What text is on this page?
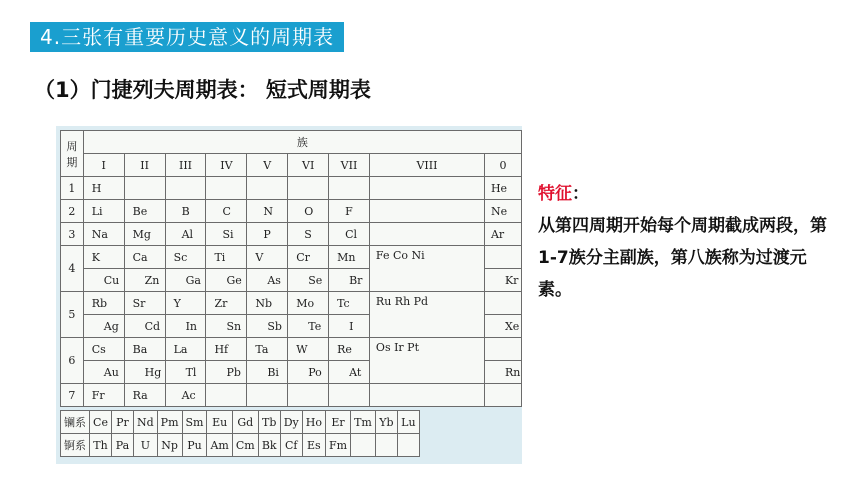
4.三张有重要历史意义的周期表
（1）门捷列夫周期表： 短式周期表
周
期	族								
	I	II	III	IV	V	VI	VII	VIII	0
1	H								He
2	Li	Be	B	C	N	O	F		Ne
3	Na	Mg	Al	Si	P	S	Cl		Ar
4	K	Ca	Sc	Ti	V	Cr	Mn	Fe Co Ni	

	Cu	Zn	Ga	Ge	As	Se	Br		Kr
5	Rb	Sr	Y	Zr	Nb	Mo	Tc	Ru Rh Pd	

	Ag	Cd	In	Sn	Sb	Te	I		Xe
6	Cs	Ba	La	Hf	Ta	W	Re	Os Ir Pt	

	Au	Hg	Tl	Pb	Bi	Po	At		Rn
7	Fr	Ra	Ac						
镧系	Ce	Pr	Nd	Pm	Sm	Eu	Gd	Tb	Dy	Ho	Er	Tm	Yb	Lu
锕系	Th	Pa	U	Np	Pu	Am	Cm	Bk	Cf	Es	Fm			
特征：
从第四周期开始每个周期截成两段，第1-7族分主副族，第八族称为过渡元素。
